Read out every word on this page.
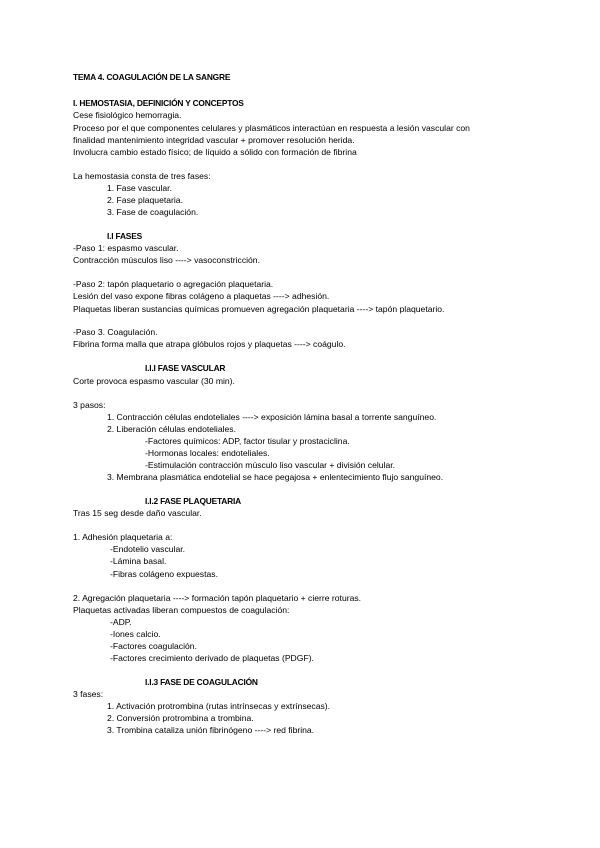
TEMA 4. COAGULACIÓN DE LA SANGRE
I. HEMOSTASIA, DEFINICIÓN Y CONCEPTOS
Cese fisiológico hemorragia.
Proceso por el que componentes celulares y plasmáticos interactúan en respuesta a lesión vascular con
finalidad mantenimiento integridad vascular + promover resolución herida.
Involucra cambio estado físico; de líquido a sólido con formación de fibrina
La hemostasia consta de tres fases:
1. Fase vascular.
2. Fase plaquetaria.
3. Fase de coagulación.
I.I FASES
-Paso 1: espasmo vascular.
Contracción músculos liso ----> vasoconstricción.
-Paso 2: tapón plaquetario o agregación plaquetaria.
Lesión del vaso expone fibras colágeno a plaquetas ----> adhesión.
Plaquetas liberan sustancias químicas promueven agregación plaquetaria ----> tapón plaquetario.
-Paso 3. Coagulación.
Fibrina forma malla que atrapa glóbulos rojos y plaquetas ----> coágulo.
I.I.I FASE VASCULAR
Corte provoca espasmo vascular (30 min).
3 pasos:
1. Contracción células endoteliales ----> exposición lámina basal a torrente sanguíneo.
2. Liberación células endoteliales.
-Factores químicos: ADP, factor tisular y prostaciclina.
-Hormonas locales: endoteliales.
-Estimulación contracción músculo liso vascular + división celular.
3. Membrana plasmática endotelial se hace pegajosa + enlentecimiento flujo sanguíneo.
I.I.2 FASE PLAQUETARIA
Tras 15 seg desde daño vascular.
1. Adhesión plaquetaria a:
-Endotelio vascular.
-Lámina basal.
-Fibras colágeno expuestas.
2. Agregación plaquetaria ----> formación tapón plaquetario + cierre roturas.
Plaquetas activadas liberan compuestos de coagulación:
-ADP.
-Iones calcio.
-Factores coagulación.
-Factores crecimiento derivado de plaquetas (PDGF).
I.I.3 FASE DE COAGULACIÓN
3 fases:
1. Activación protrombina (rutas intrínsecas y extrínsecas).
2. Conversión protrombina a trombina.
3. Trombina cataliza unión fibrinógeno ----> red fibrina.
